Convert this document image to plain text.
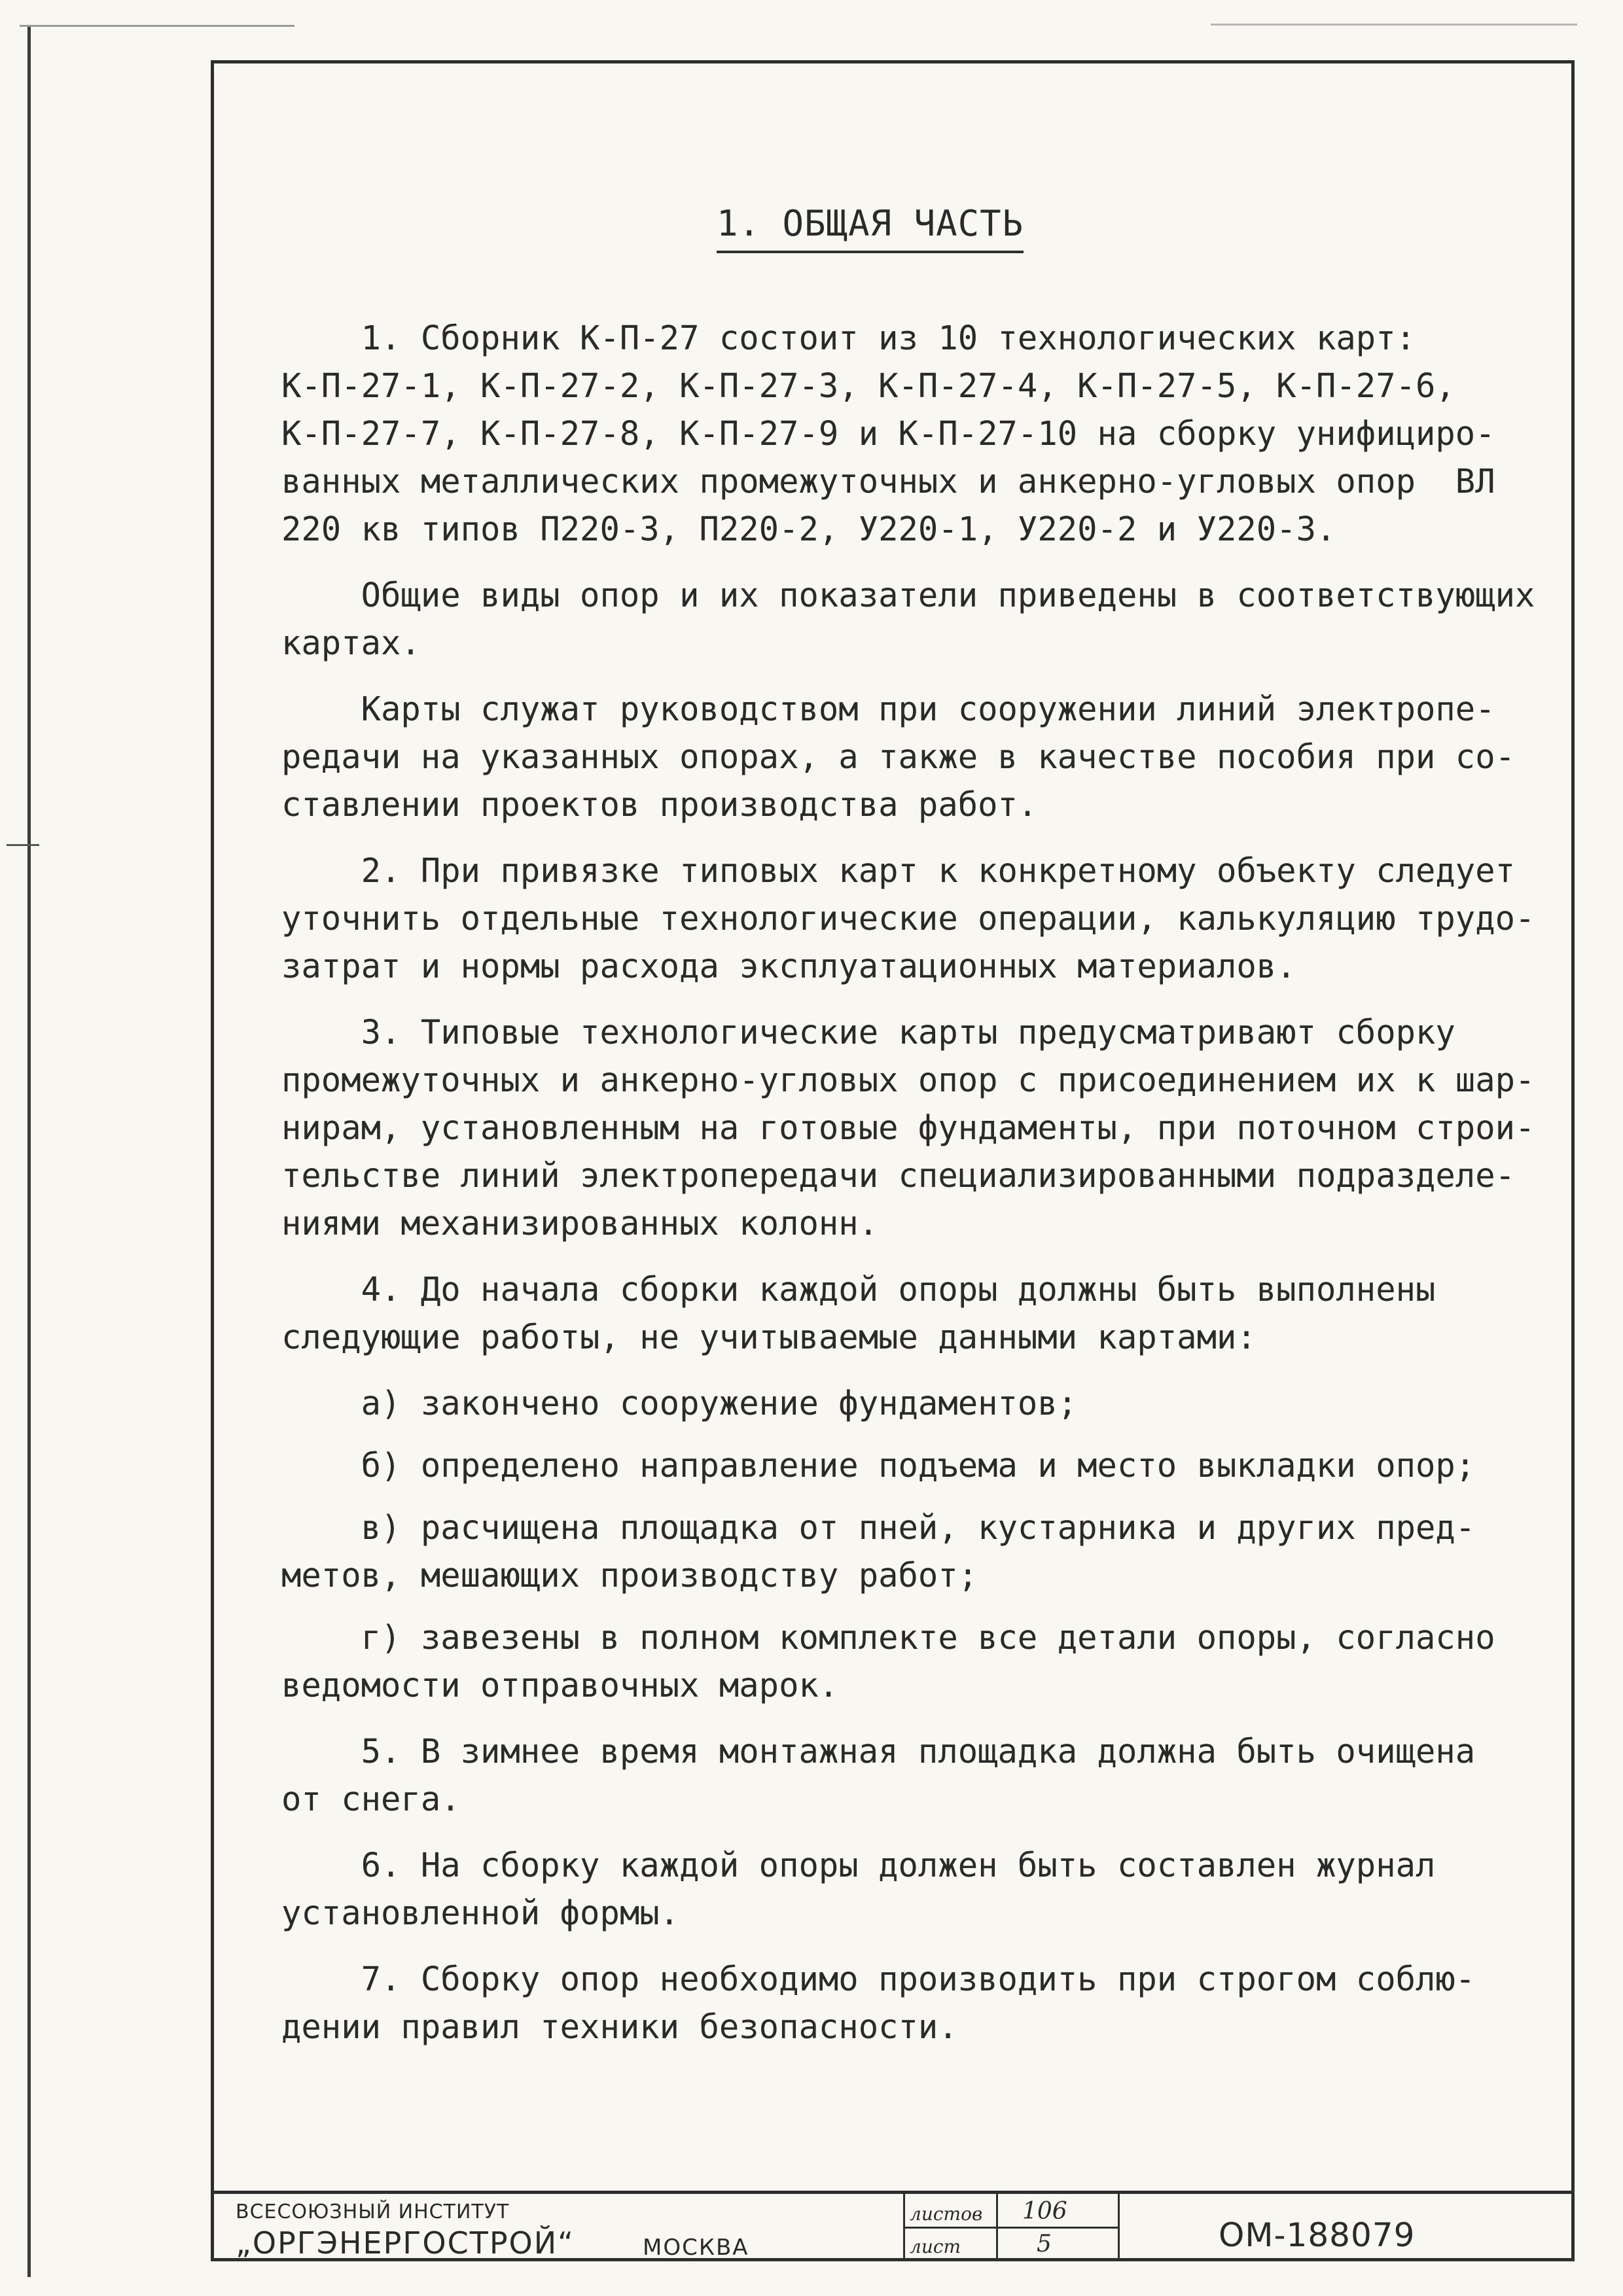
1. ОБЩАЯ ЧАСТЬ

1. Сборник К-П-27 состоит из 10 технологических карт:
К-П-27-1, К-П-27-2, К-П-27-3, К-П-27-4, К-П-27-5, К-П-27-6,
К-П-27-7, К-П-27-8, К-П-27-9 и К-П-27-10 на сборку унифициро-
ванных металлических промежуточных и анкерно-угловых опор  ВЛ
220 кв типов П220-3, П220-2, У220-1, У220-2 и У220-3.

Общие виды опор и их показатели приведены в соответствующих
картах.

Карты служат руководством при сооружении линий электропе-
редачи на указанных опорах, а также в качестве пособия при со-
ставлении проектов производства работ.

2. При привязке типовых карт к конкретному объекту следует
уточнить отдельные технологические операции, калькуляцию трудо-
затрат и нормы расхода эксплуатационных материалов.

3. Типовые технологические карты предусматривают сборку
промежуточных и анкерно-угловых опор с присоединением их к шар-
нирам, установленным на готовые фундаменты, при поточном строи-
тельстве линий электропередачи специализированными подразделе-
ниями механизированных колонн.

4. До начала сборки каждой опоры должны быть выполнены
следующие работы, не учитываемые данными картами:

а) закончено сооружение фундаментов;

б) определено направление подъема и место выкладки опор;

в) расчищена площадка от пней, кустарника и других пред-
метов, мешающих производству работ;

г) завезены в полном комплекте все детали опоры, согласно
ведомости отправочных марок.

5. В зимнее время монтажная площадка должна быть очищена
от снега.

6. На сборку каждой опоры должен быть составлен журнал
установленной формы.

7. Сборку опор необходимо производить при строгом соблю-
дении правил техники безопасности.

ВСЕСОЮЗНЫЙ ИНСТИТУТ
„ОРГЭНЕРГОСТРОЙ“	МОСКВА
листов 106
лист	5	ОМ-188079
